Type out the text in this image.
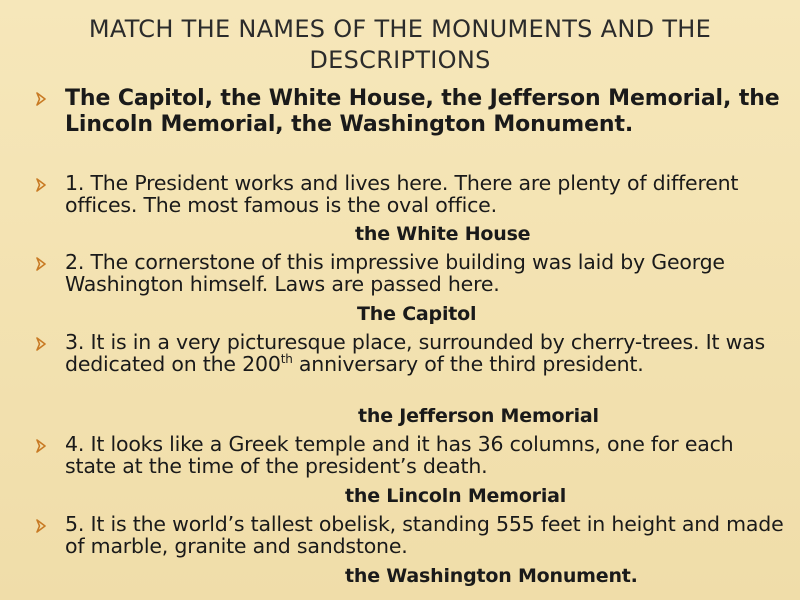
MATCH THE NAMES OF THE MONUMENTS AND THE DESCRIPTIONS
The Capitol, the White House, the Jefferson Memorial, the Lincoln Memorial, the Washington Monument.
1. The President works and lives here. There are plenty of different offices. The most famous is the oval office.
the White House
2. The cornerstone of this impressive building was laid by George Washington himself. Laws are passed here.
The Capitol
3. It is in a very picturesque place, surrounded by cherry-trees. It was dedicated on the 200th anniversary of the third president.
the Jefferson Memorial
4. It looks like a Greek temple and it has 36 columns, one for each state at the time of the president’s death.
the Lincoln Memorial
5. It is the world’s tallest obelisk, standing 555 feet in height and made of marble, granite and sandstone.
the Washington Monument.
